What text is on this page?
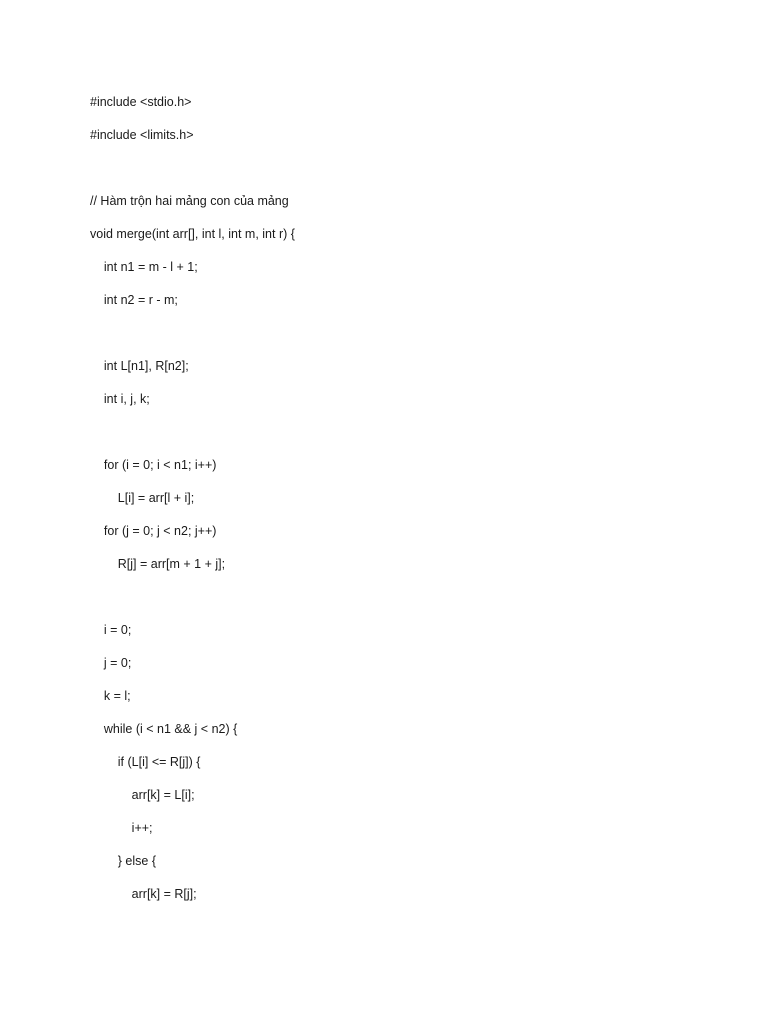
#include <stdio.h>
#include <limits.h>
// Hàm trộn hai mảng con của mảng
void merge(int arr[], int l, int m, int r) {
int n1 = m - l + 1;
int n2 = r - m;
int L[n1], R[n2];
int i, j, k;
for (i = 0; i < n1; i++)
L[i] = arr[l + i];
for (j = 0; j < n2; j++)
R[j] = arr[m + 1 + j];
i = 0;
j = 0;
k = l;
while (i < n1 && j < n2) {
if (L[i] <= R[j]) {
arr[k] = L[i];
i++;
} else {
arr[k] = R[j];
